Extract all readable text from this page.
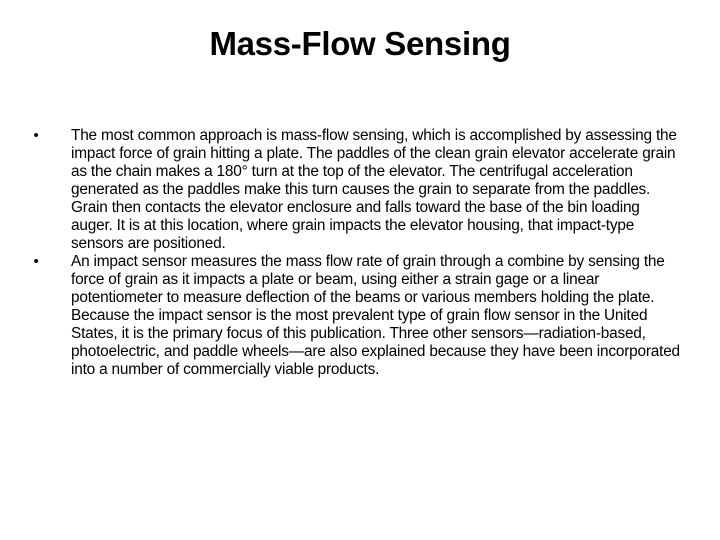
Mass-Flow Sensing
• The most common approach is mass-flow sensing, which is accomplished by assessing the impact force of grain hitting a plate. The paddles of the clean grain elevator accelerate grain as the chain makes a 180° turn at the top of the elevator. The centrifugal acceleration generated as the paddles make this turn causes the grain to separate from the paddles. Grain then contacts the elevator enclosure and falls toward the base of the bin loading auger. It is at this location, where grain impacts the elevator housing, that impact-type sensors are positioned.
• An impact sensor measures the mass flow rate of grain through a combine by sensing the force of grain as it impacts a plate or beam, using either a strain gage or a linear potentiometer to measure deflection of the beams or various members holding the plate. Because the impact sensor is the most prevalent type of grain flow sensor in the United States, it is the primary focus of this publication. Three other sensors—radiation-based, photoelectric, and paddle wheels—are also explained because they have been incorporated into a number of commercially viable products.
